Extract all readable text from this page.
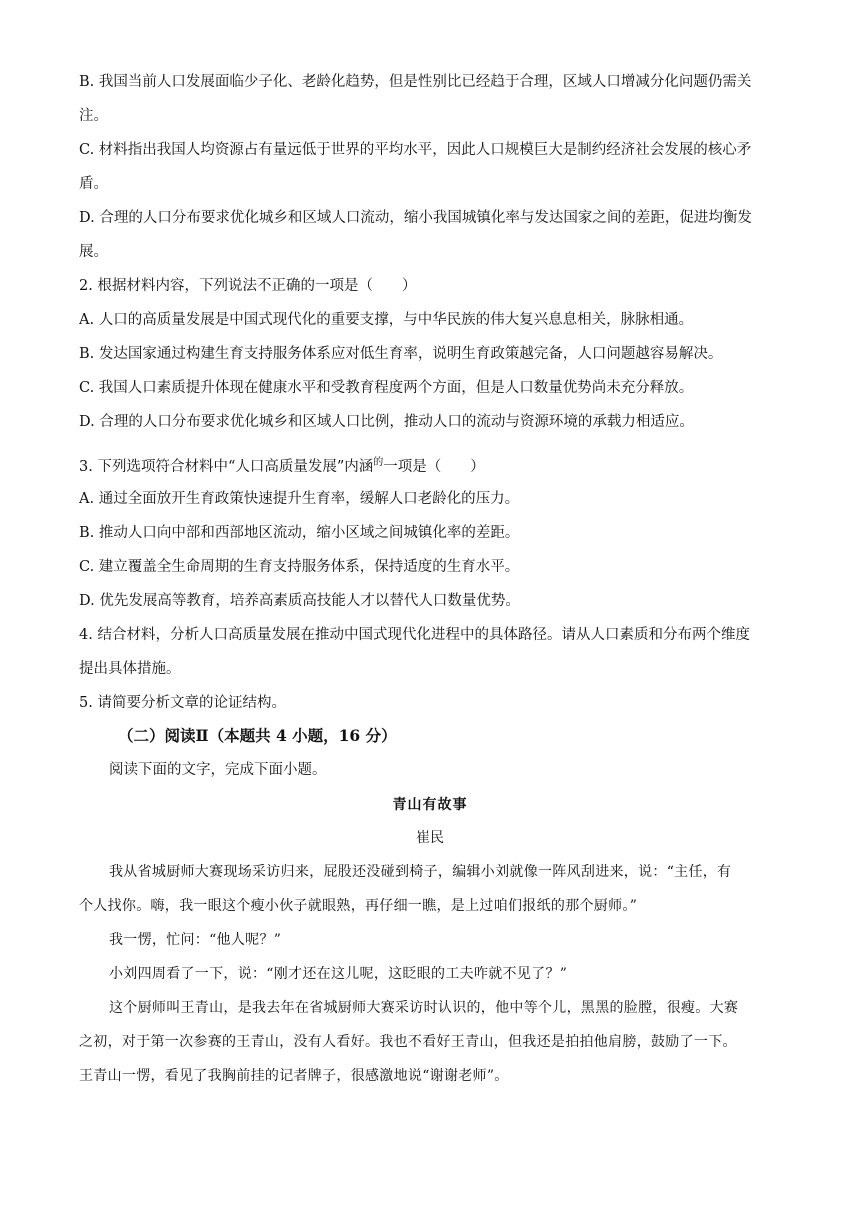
B. 我国当前人口发展面临少子化、老龄化趋势，但是性别比已经趋于合理，区域人口增减分化问题仍需关
注。
C. 材料指出我国人均资源占有量远低于世界的平均水平，因此人口规模巨大是制约经济社会发展的核心矛
盾。
D. 合理的人口分布要求优化城乡和区域人口流动，缩小我国城镇化率与发达国家之间的差距，促进均衡发
展。
2. 根据材料内容，下列说法不正确的一项是（　　）
A. 人口的高质量发展是中国式现代化的重要支撑，与中华民族的伟大复兴息息相关，脉脉相通。
B. 发达国家通过构建生育支持服务体系应对低生育率，说明生育政策越完备，人口问题越容易解决。
C. 我国人口素质提升体现在健康水平和受教育程度两个方面，但是人口数量优势尚未充分释放。
D. 合理的人口分布要求优化城乡和区域人口比例，推动人口的流动与资源环境的承载力相适应。
3. 下列选项符合材料中“人口高质量发展”内涵$^的$一项是（　　）
A. 通过全面放开生育政策快速提升生育率，缓解人口老龄化的压力。
B. 推动人口向中部和西部地区流动，缩小区域之间城镇化率的差距。
C. 建立覆盖全生命周期的生育支持服务体系，保持适度的生育水平。
D. 优先发展高等教育，培养高素质高技能人才以替代人口数量优势。
4. 结合材料，分析人口高质量发展在推动中国式现代化进程中的具体路径。请从人口素质和分布两个维度
提出具体措施。
5. 请简要分析文章的论证结构。
（二）阅读Ⅱ（本题共 4 小题，16 分）
阅读下面的文字，完成下面小题。
青山有故事
崔民
我从省城厨师大赛现场采访归来，屁股还没碰到椅子，编辑小刘就像一阵风刮进来，说：“主任，有
个人找你。嗨，我一眼这个瘦小伙子就眼熟，再仔细一瞧，是上过咱们报纸的那个厨师。”
我一愣，忙问：“他人呢？”
小刘四周看了一下，说：“刚才还在这儿呢，这眨眼的工夫咋就不见了？”
这个厨师叫王青山，是我去年在省城厨师大赛采访时认识的，他中等个儿，黑黑的脸膛，很瘦。大赛
之初，对于第一次参赛的王青山，没有人看好。我也不看好王青山，但我还是拍拍他肩膀，鼓励了一下。
王青山一愣，看见了我胸前挂的记者牌子，很感激地说“谢谢老师”。
